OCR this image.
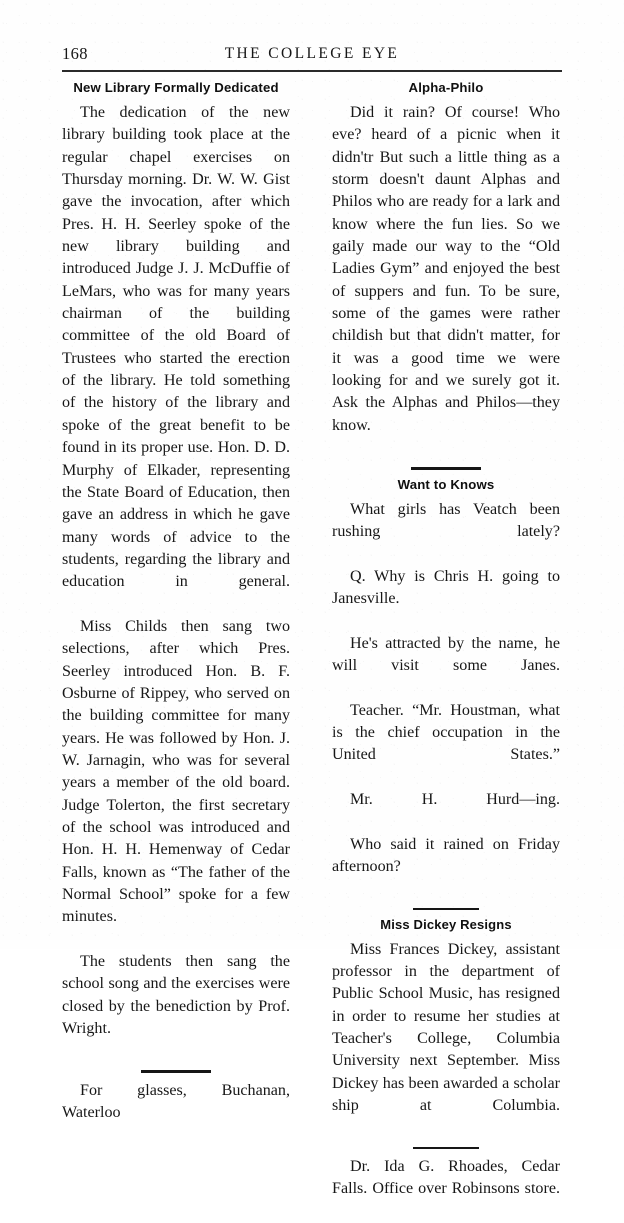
168	THE COLLEGE EYE
New Library Formally Dedicated

The dedication of the new library building took place at the regular chapel exercises on Thursday morning. Dr. W. W. Gist gave the invocation, after which Pres. H. H. Seerley spoke of the new library building and introduced Judge J. J. McDuffie of LeMars, who was for many years chairman of the building committee of the old Board of Trustees who started the erection of the library. He told something of the history of the library and spoke of the great benefit to be found in its proper use. Hon. D. D. Murphy of Elkader, representing the State Board of Education, then gave an address in which he gave many words of advice to the students, regarding the library and education in general.

Miss Childs then sang two selections, after which Pres. Seerley introduced Hon. B. F. Osburne of Rippey, who served on the building committee for many years. He was followed by Hon. J. W. Jarnagin, who was for several years a member of the old board. Judge Tolerton, the first secretary of the school was introduced and Hon. H. H. Hemenway of Cedar Falls, known as “The father of the Normal School” spoke for a few minutes.

The students then sang the school song and the exercises were closed by the benediction by Prof. Wright.

For glasses, Buchanan, Waterloo

Alpha-Philo

Did it rain? Of course! Who eve? heard of a picnic when it didn'tr But such a little thing as a storm doesn't daunt Alphas and Philos who are ready for a lark and know where the fun lies. So we gaily made our way to the “Old Ladies Gym” and enjoyed the best of suppers and fun. To be sure, some of the games were rather childish but that didn't matter, for it was a good time we were looking for and we surely got it. Ask the Alphas and Philos—they know.

Want to Knows

What girls has Veatch been rushing lately?

Q. Why is Chris H. going to Janesville.

He's attracted by the name, he will visit some Janes.

Teacher. “Mr. Houstman, what is the chief occupation in the United States.”

Mr. H. Hurd—ing.

Who said it rained on Friday afternoon?

Miss Dickey Resigns

Miss Frances Dickey, assistant professor in the department of Public School Music, has resigned in order to resume her studies at Teacher's College, Columbia University next September. Miss Dickey has been awarded a scholar ship at Columbia.

Dr. Ida G. Rhoades, Cedar Falls. Office over Robinsons store.
